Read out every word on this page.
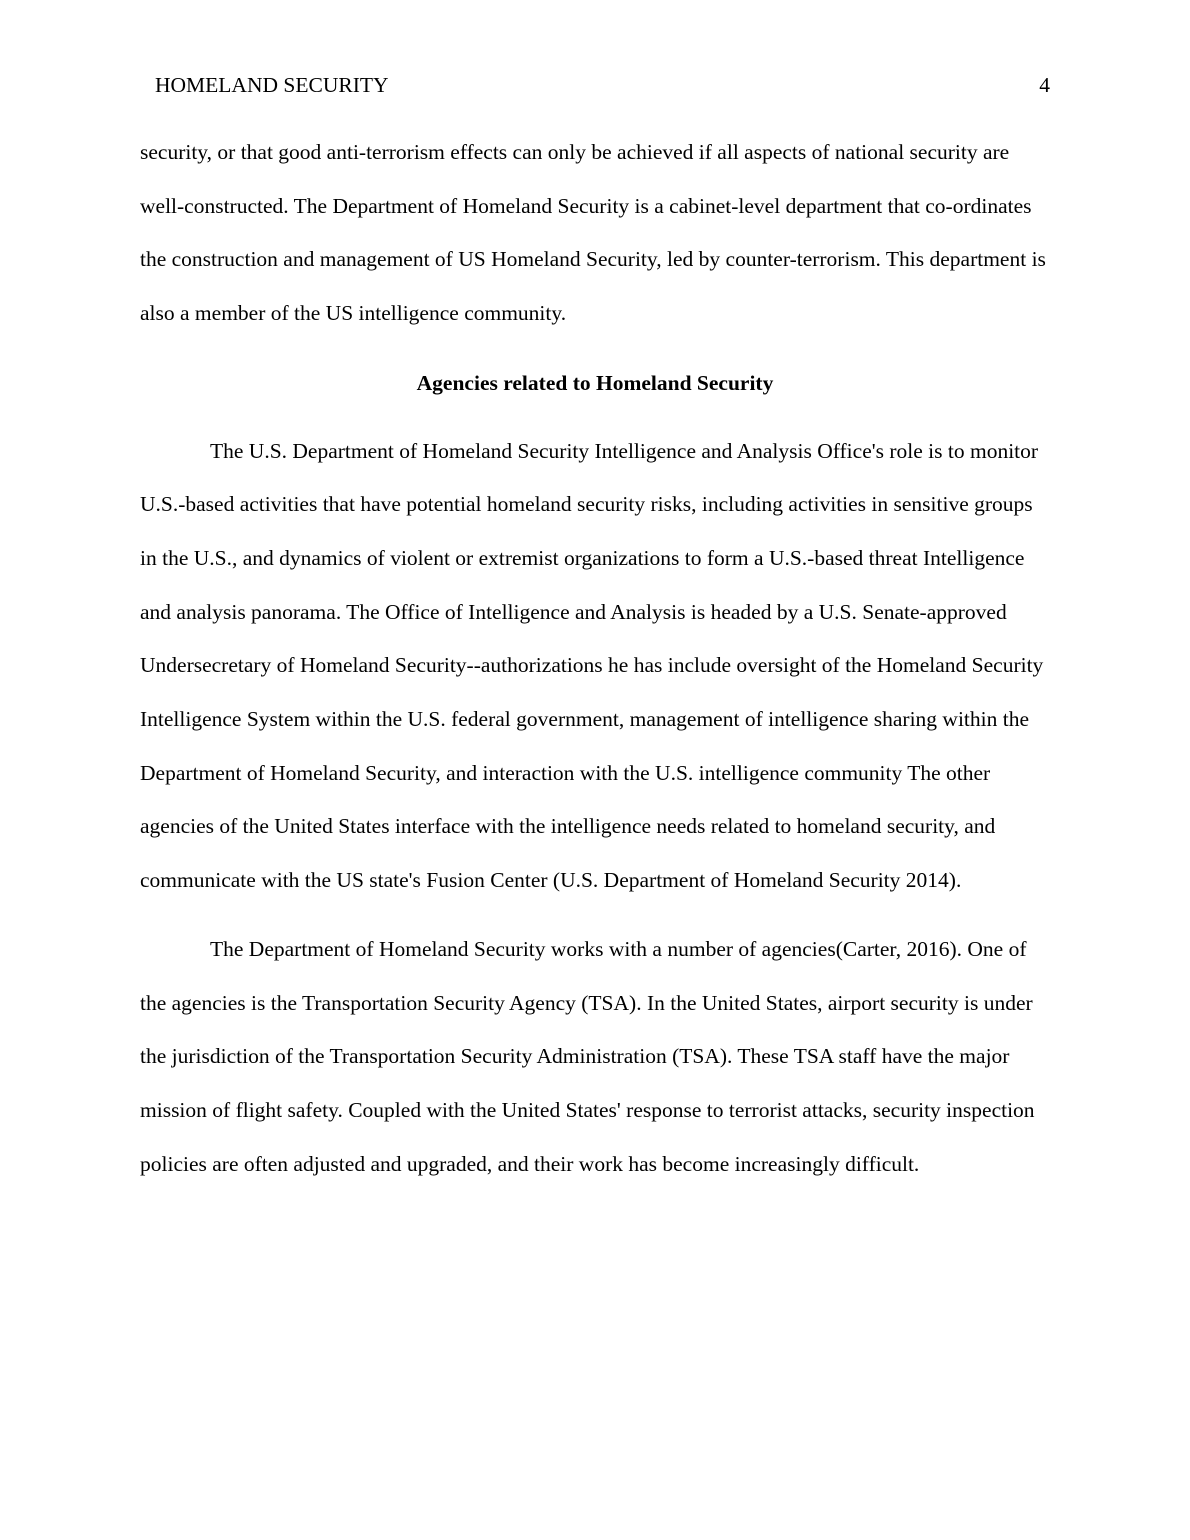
HOMELAND SECURITY	4

security, or that good anti-terrorism effects can only be achieved if all aspects of national security are well-constructed. The Department of Homeland Security is a cabinet-level department that co-ordinates the construction and management of US Homeland Security, led by counter-terrorism. This department is also a member of the US intelligence community.

Agencies related to Homeland Security

The U.S. Department of Homeland Security Intelligence and Analysis Office's role is to monitor U.S.-based activities that have potential homeland security risks, including activities in sensitive groups in the U.S., and dynamics of violent or extremist organizations to form a U.S.-based threat Intelligence and analysis panorama. The Office of Intelligence and Analysis is headed by a U.S. Senate-approved Undersecretary of Homeland Security--authorizations he has include oversight of the Homeland Security Intelligence System within the U.S. federal government, management of intelligence sharing within the Department of Homeland Security, and interaction with the U.S. intelligence community The other agencies of the United States interface with the intelligence needs related to homeland security, and communicate with the US state's Fusion Center (U.S. Department of Homeland Security 2014).

The Department of Homeland Security works with a number of agencies(Carter, 2016). One of the agencies is the Transportation Security Agency (TSA). In the United States, airport security is under the jurisdiction of the Transportation Security Administration (TSA). These TSA staff have the major mission of flight safety. Coupled with the United States' response to terrorist attacks, security inspection policies are often adjusted and upgraded, and their work has become increasingly difficult.
